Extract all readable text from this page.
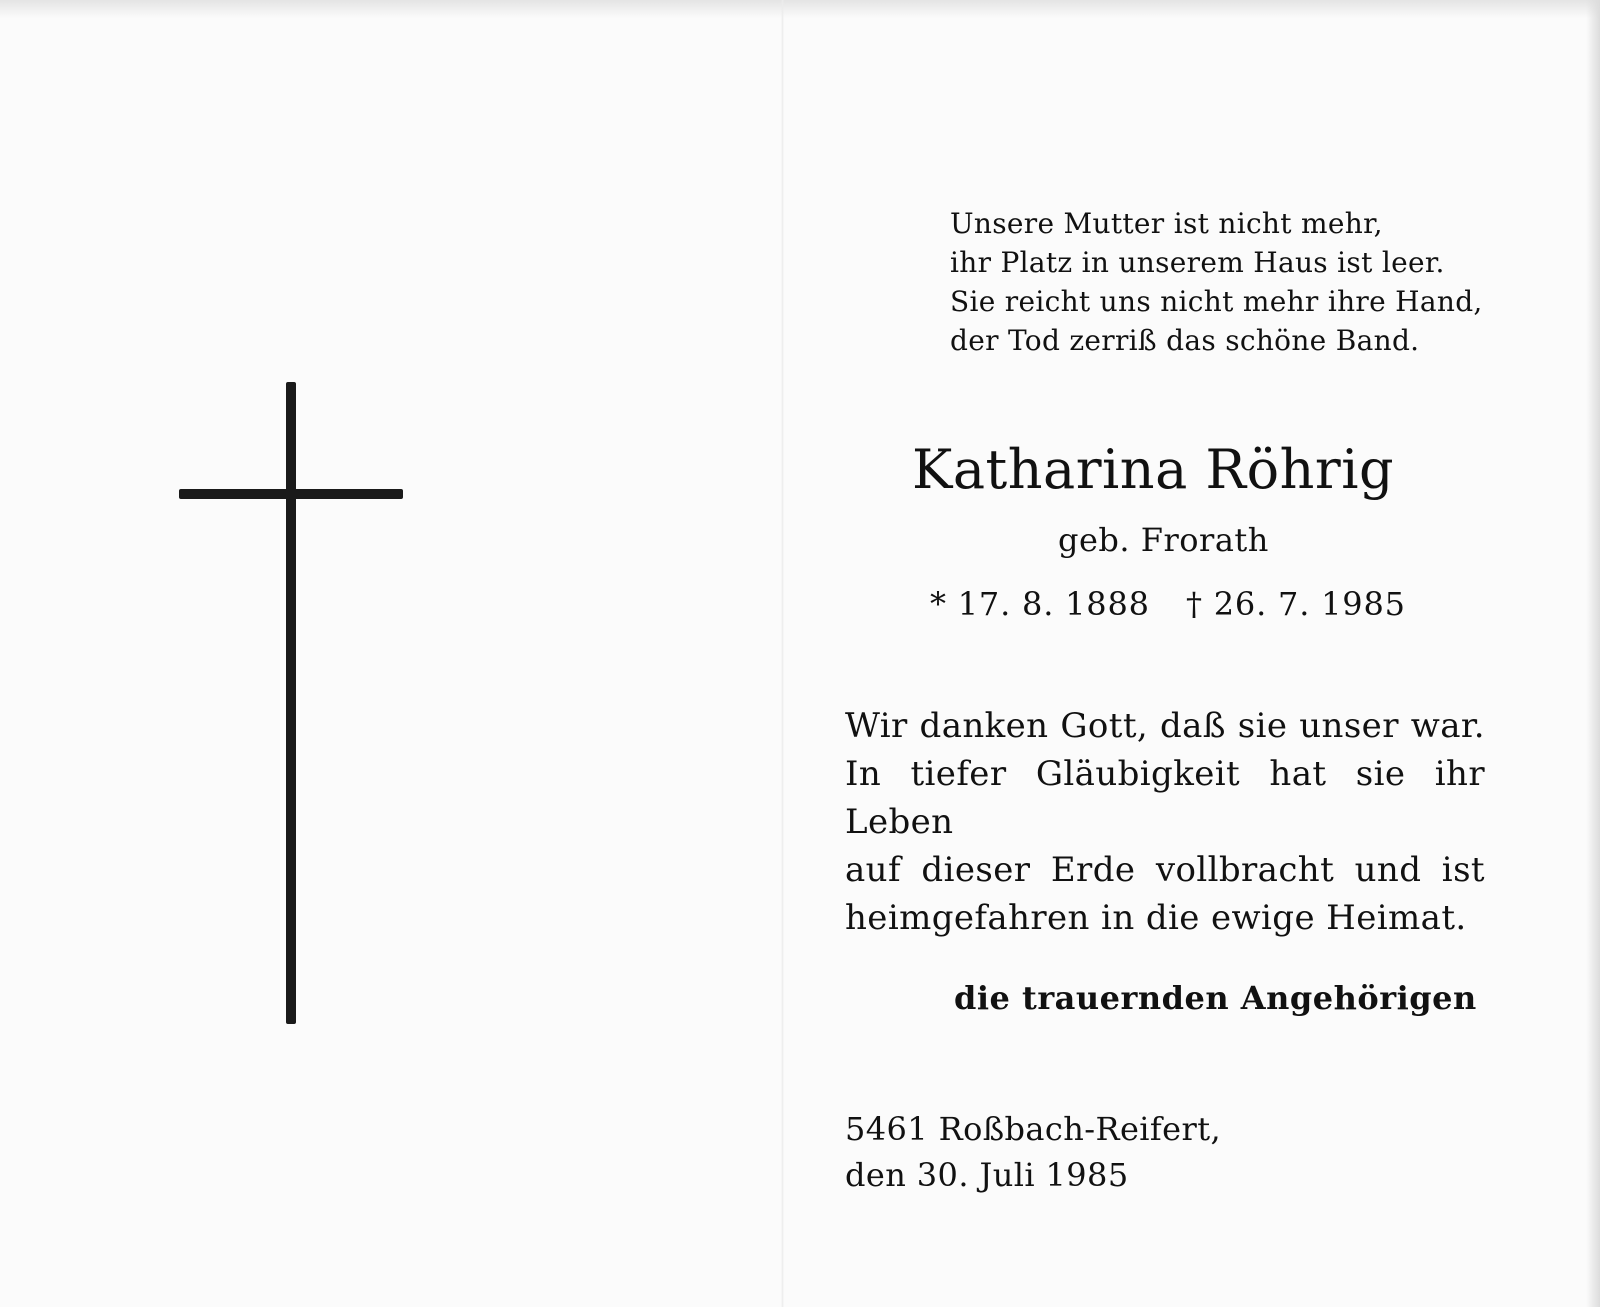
Unsere Mutter ist nicht mehr,
ihr Platz in unserem Haus ist leer.
Sie reicht uns nicht mehr ihre Hand,
der Tod zerriß das schöne Band.
Katharina Röhrig
geb. Frorath
* 17. 8. 1888 † 26. 7. 1985
Wir danken Gott, daß sie unser war.
In tiefer Gläubigkeit hat sie ihr Leben
auf dieser Erde vollbracht und ist
heimgefahren in die ewige Heimat.
die trauernden Angehörigen
5461 Roßbach-Reifert,
den 30. Juli 1985
